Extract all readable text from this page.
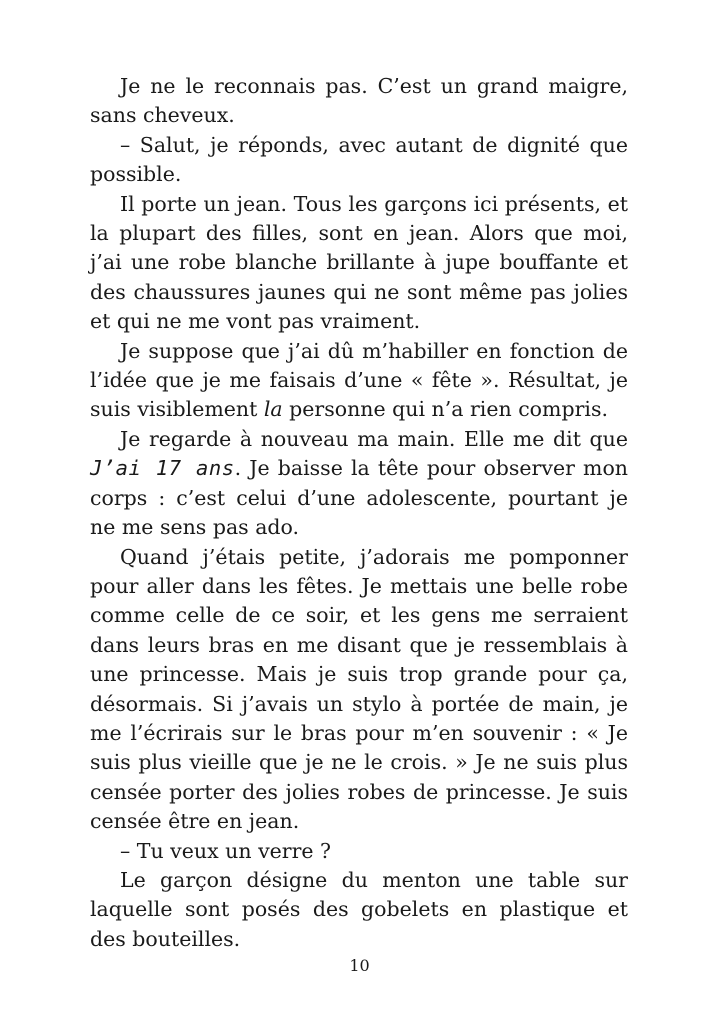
Je ne le reconnais pas. C’est un grand maigre, sans cheveux.

– Salut, je réponds, avec autant de dignité que possible.

Il porte un jean. Tous les garçons ici présents, et la plupart des filles, sont en jean. Alors que moi, j’ai une robe blanche brillante à jupe bouffante et des chaussures jaunes qui ne sont même pas jolies et qui ne me vont pas vraiment.

Je suppose que j’ai dû m’habiller en fonction de l’idée que je me faisais d’une « fête ». Résultat, je suis visiblement la personne qui n’a rien compris.

Je regarde à nouveau ma main. Elle me dit que J’ai 17 ans. Je baisse la tête pour observer mon corps : c’est celui d’une adolescente, pourtant je ne me sens pas ado.

Quand j’étais petite, j’adorais me pomponner pour aller dans les fêtes. Je mettais une belle robe comme celle de ce soir, et les gens me serraient dans leurs bras en me disant que je ressemblais à une princesse. Mais je suis trop grande pour ça, désormais. Si j’avais un stylo à portée de main, je me l’écrirais sur le bras pour m’en souvenir : « Je suis plus vieille que je ne le crois. » Je ne suis plus censée porter des jolies robes de princesse. Je suis censée être en jean.

– Tu veux un verre ?

Le garçon désigne du menton une table sur laquelle sont posés des gobelets en plastique et des bouteilles.

10
